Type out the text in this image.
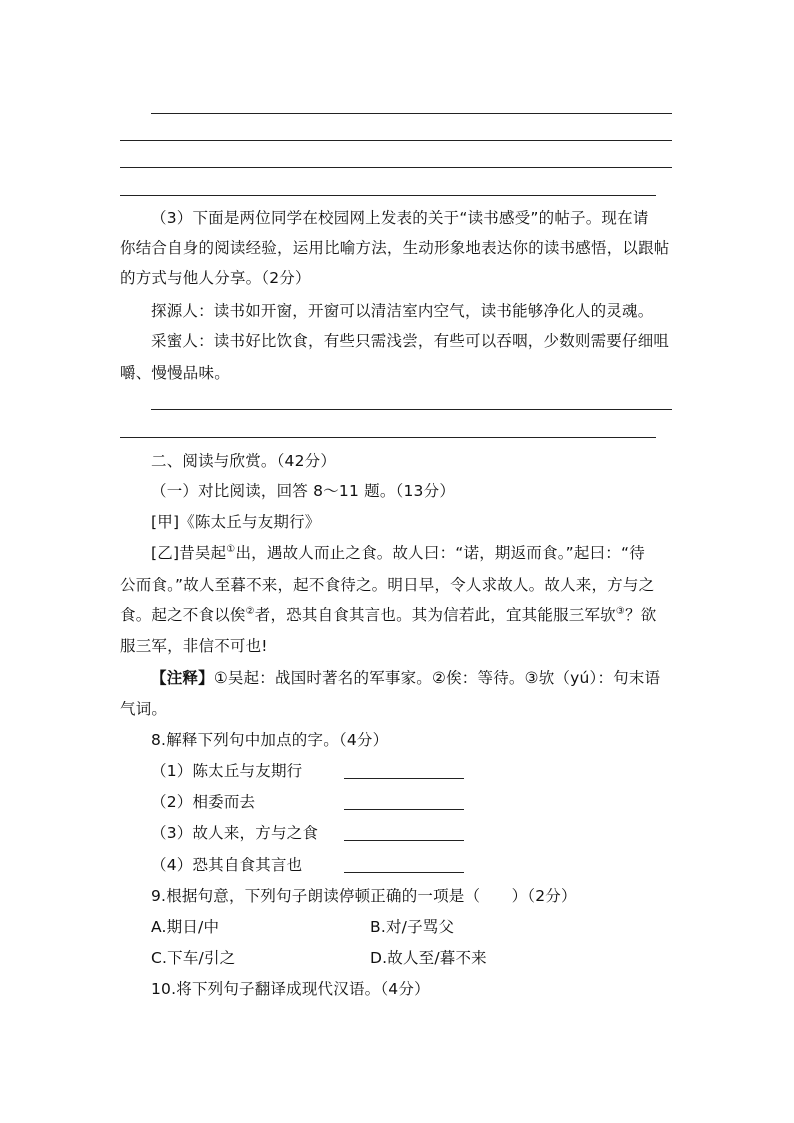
（3）下面是两位同学在校园网上发表的关于“读书感受”的帖子。现在请
你结合自身的阅读经验，运用比喻方法，生动形象地表达你的读书感悟，以跟帖
的方式与他人分享。（2分）
探源人：读书如开窗，开窗可以清洁室内空气，读书能够净化人的灵魂。
采蜜人：读书好比饮食，有些只需浅尝，有些可以吞咽，少数则需要仔细咀
嚼、慢慢品味。
二、阅读与欣赏。（42分）
（一）对比阅读，回答 8～11 题。（13分）
[甲]《陈太丘与友期行》
[乙]昔吴起①出，遇故人而止之食。故人曰：“诺，期返而食。”起曰：“待
公而食。”故人至暮不来，起不食待之。明日早，令人求故人。故人来，方与之
食。起之不食以俟②者，恐其自食其言也。其为信若此，宜其能服三军欤③？欲
服三军，非信不可也!
【注释】①吴起：战国时著名的军事家。②俟：等待。③欤（yú）：句末语
气词。
8.解释下列句中加点的字。（4分）
（1）陈太丘与友期行
（2）相委而去
（3）故人来，方与之食
（4）恐其自食其言也
9.根据句意，下列句子朗读停顿正确的一项是（　　）（2分）
A.期日/中	B.对/子骂父
C.下车/引之	D.故人至/暮不来
10.将下列句子翻译成现代汉语。（4分）
